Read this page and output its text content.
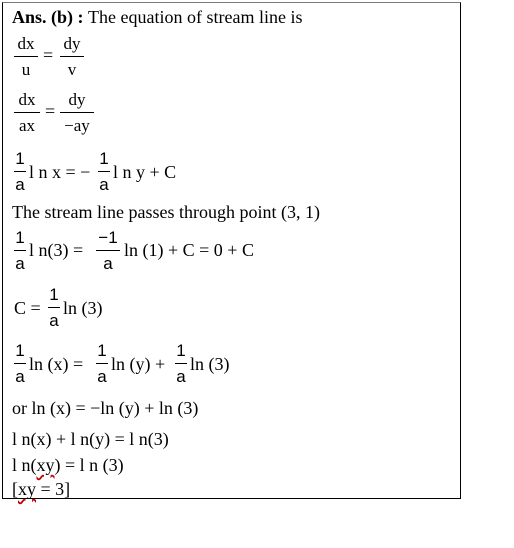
Ans. (b) : The equation of stream line is
dx
u
=
dy
v
dx
ax
=
dy
−ay
1
a
l n x = −
1
a
l n y + C
The stream line passes through point (3, 1)
1
a
l n(3) =
−1
a
ln (1) + C = 0 + C
C =
1
a
ln (3)
1
a
ln (x) =
1
a
ln (y) +
1
a
ln (3)
or ln (x) = −ln (y) + ln (3)
l n(x) + l n(y) = l n(3)
l n(xy) = l n (3)
[xy = 3]
